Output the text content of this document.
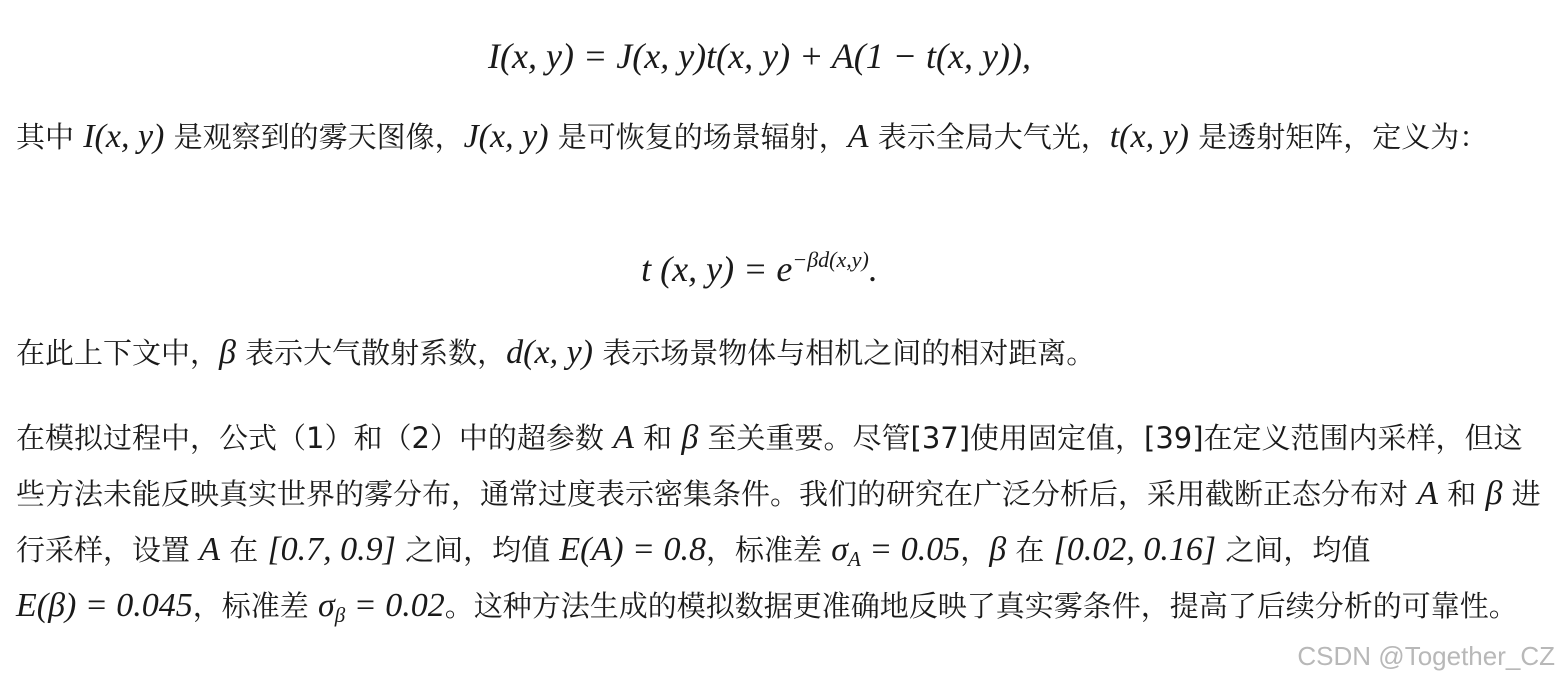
I(x, y) = J(x, y)t(x, y) + A(1 − t(x, y)),

其中 I(x, y) 是观察到的雾天图像，J(x, y) 是可恢复的场景辐射，A 表示全局大气光，t(x, y) 是透射矩阵，定义为：

t (x, $y) = e^{-\beta d(x,y)}$.

在此上下文中，β 表示大气散射系数，d(x, y) 表示场景物体与相机之间的相对距离。

在模拟过程中，公式（1）和（2）中的超参数 A 和 β 至关重要。尽管[37]使用固定值，[39]在定义范围内采样，但这些方法未能反映真实世界的雾分布，通常过度表示密集条件。我们的研究在广泛分析后，采用截断正态分布对 A 和 β 进行采样，设置 A 在 [0.7, 0.9] 之间，均值 E(A) = 0.8，标准差 $\sigma_A = 0.05$，β 在 [0.02, 0.16] 之间，均值 E(β) = 0.045，标准差 $\sigma_\beta = 0.02$。这种方法生成的模拟数据更准确地反映了真实雾条件，提高了后续分析的可靠性。

CSDN @Together_CZ
